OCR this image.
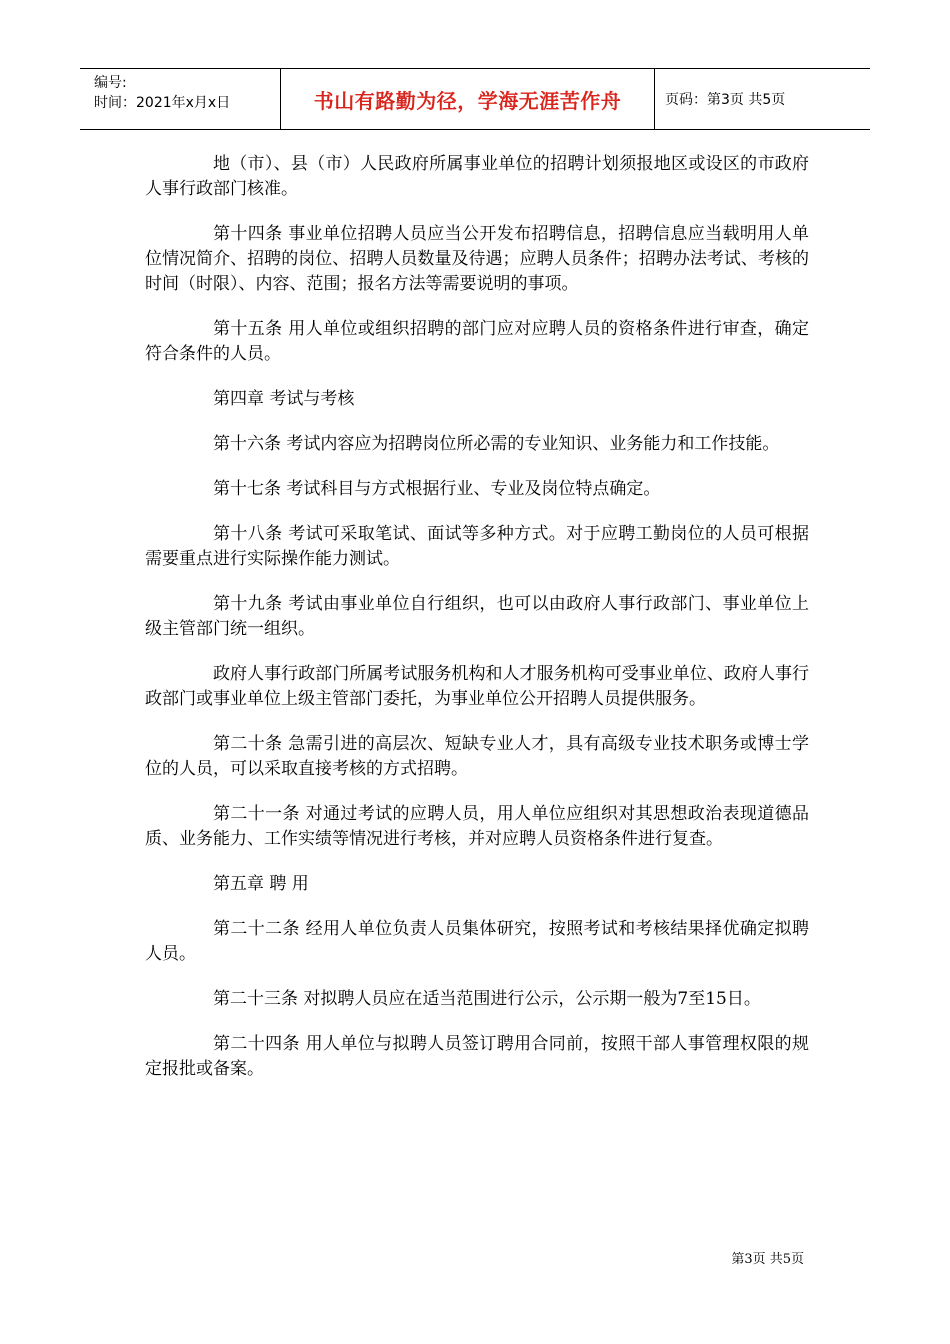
编号:
时间：2021年x月x日	书山有路勤为径，学海无涯苦作舟	页码：第3页 共5页

地（市）、县（市）人民政府所属事业单位的招聘计划须报地区或设区的市政府人事行政部门核准。

第十四条 事业单位招聘人员应当公开发布招聘信息，招聘信息应当载明用人单位情况简介、招聘的岗位、招聘人员数量及待遇；应聘人员条件；招聘办法考试、考核的时间（时限）、内容、范围；报名方法等需要说明的事项。

第十五条 用人单位或组织招聘的部门应对应聘人员的资格条件进行审查，确定符合条件的人员。

第四章 考试与考核

第十六条 考试内容应为招聘岗位所必需的专业知识、业务能力和工作技能。

第十七条 考试科目与方式根据行业、专业及岗位特点确定。

第十八条 考试可采取笔试、面试等多种方式。对于应聘工勤岗位的人员可根据需要重点进行实际操作能力测试。

第十九条 考试由事业单位自行组织，也可以由政府人事行政部门、事业单位上级主管部门统一组织。

政府人事行政部门所属考试服务机构和人才服务机构可受事业单位、政府人事行政部门或事业单位上级主管部门委托，为事业单位公开招聘人员提供服务。

第二十条 急需引进的高层次、短缺专业人才，具有高级专业技术职务或博士学位的人员，可以采取直接考核的方式招聘。

第二十一条 对通过考试的应聘人员，用人单位应组织对其思想政治表现道德品质、业务能力、工作实绩等情况进行考核，并对应聘人员资格条件进行复查。

第五章 聘 用

第二十二条 经用人单位负责人员集体研究，按照考试和考核结果择优确定拟聘人员。

第二十三条 对拟聘人员应在适当范围进行公示，公示期一般为7至15日。

第二十四条 用人单位与拟聘人员签订聘用合同前，按照干部人事管理权限的规定报批或备案。

第3页 共5页
